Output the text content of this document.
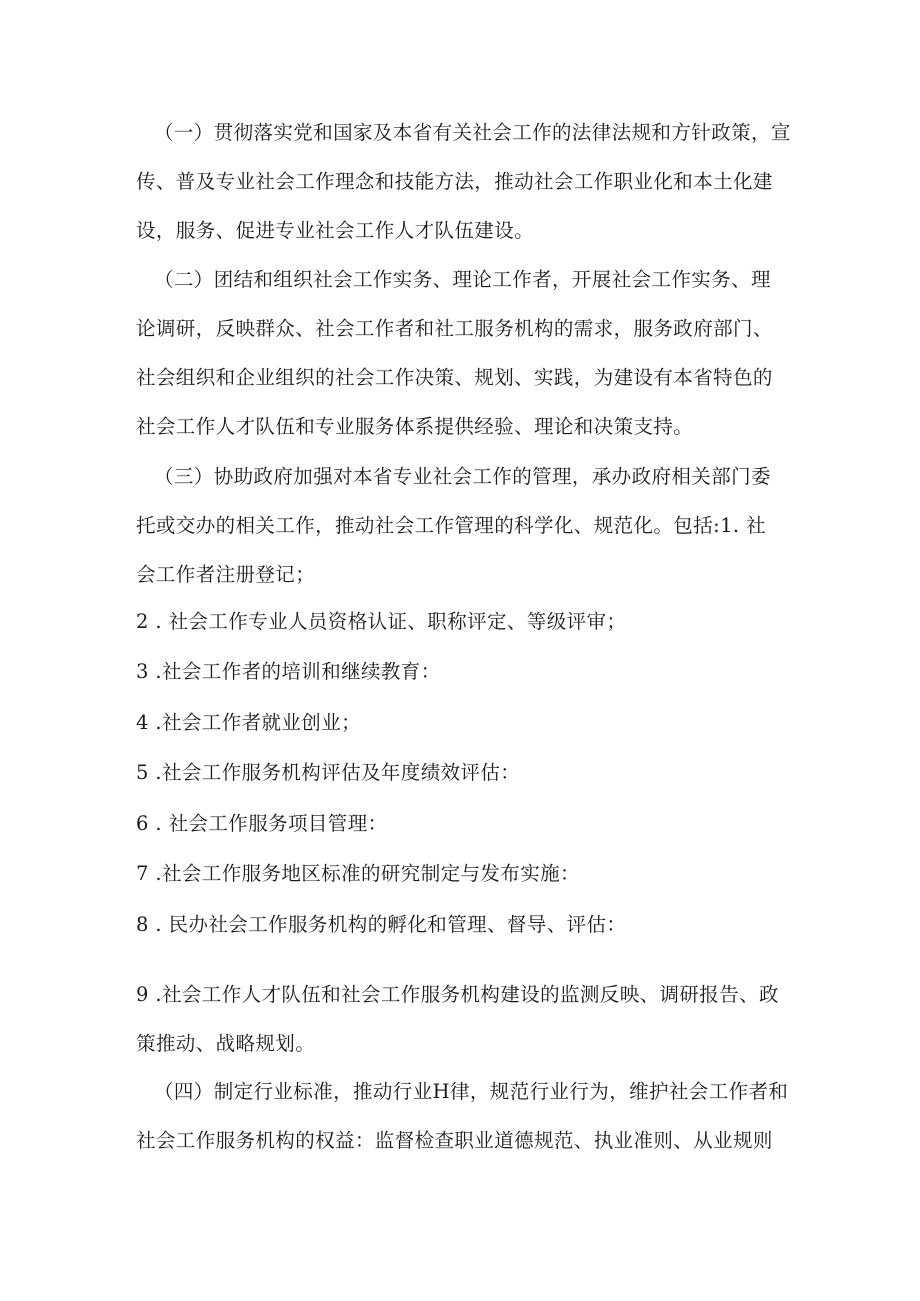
（一）贯彻落实党和国家及本省有关社会工作的法律法规和方针政策，宣
传、普及专业社会工作理念和技能方法，推动社会工作职业化和本土化建
设，服务、促进专业社会工作人才队伍建设。
（二）团结和组织社会工作实务、理论工作者，开展社会工作实务、理
论调研，反映群众、社会工作者和社工服务机构的需求，服务政府部门、
社会组织和企业组织的社会工作决策、规划、实践，为建设有本省特色的
社会工作人才队伍和专业服务体系提供经验、理论和决策支持。
（三）协助政府加强对本省专业社会工作的管理，承办政府相关部门委
托或交办的相关工作，推动社会工作管理的科学化、规范化。包括:1. 社
会工作者注册登记；
2 . 社会工作专业人员资格认证、职称评定、等级评审；
3 .社会工作者的培训和继续教育：
4 .社会工作者就业创业；
5 .社会工作服务机构评估及年度绩效评估：
6 . 社会工作服务项目管理：
7 .社会工作服务地区标准的研究制定与发布实施：
8 . 民办社会工作服务机构的孵化和管理、督导、评估：
9 .社会工作人才队伍和社会工作服务机构建设的监测反映、调研报告、政
策推动、战略规划。
（四）制定行业标准，推动行业H律，规范行业行为，维护社会工作者和
社会工作服务机构的权益：监督检查职业道德规范、执业准则、从业规则
